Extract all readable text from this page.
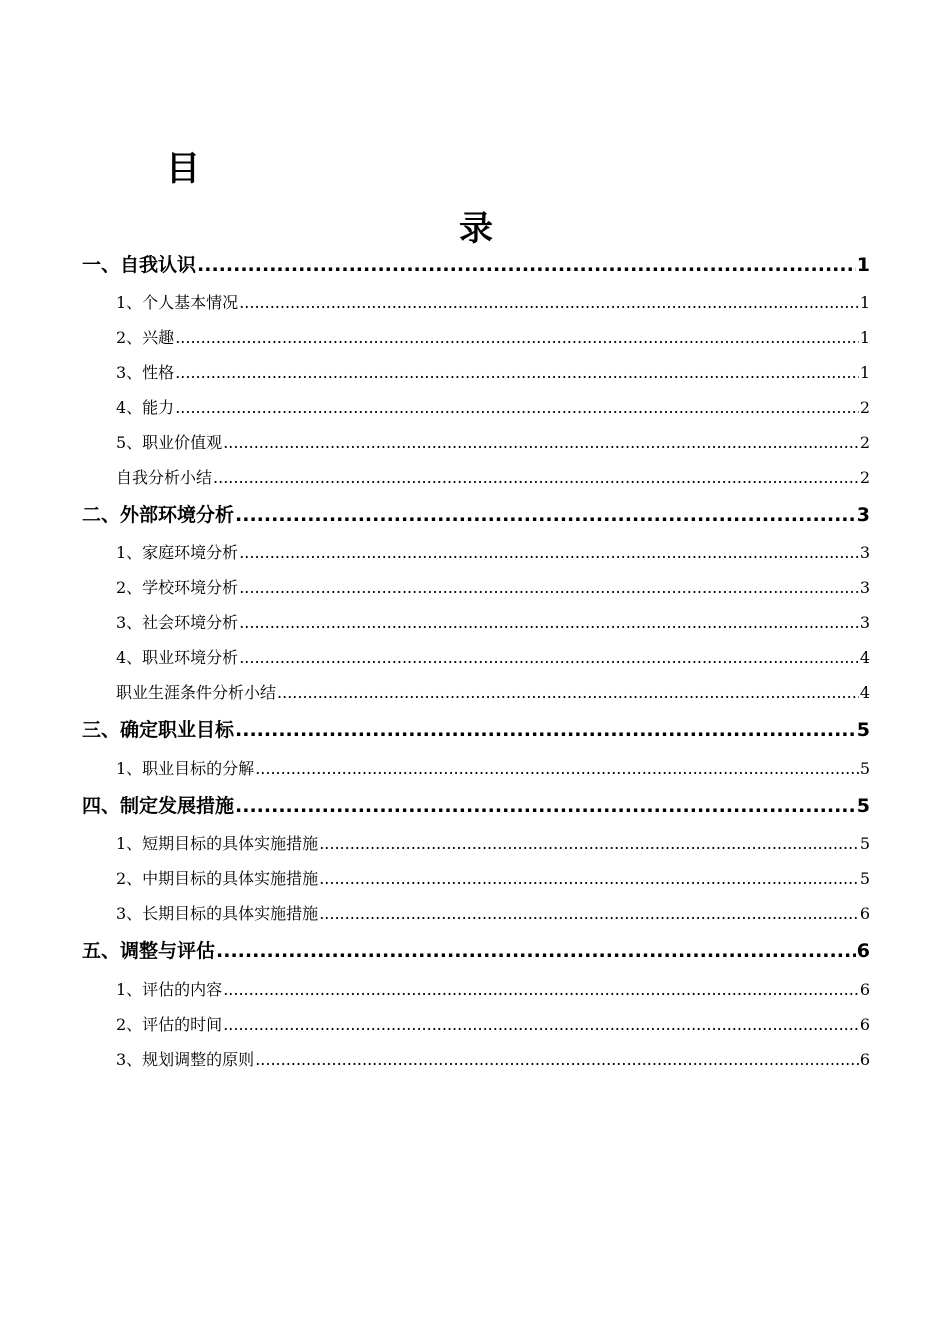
目
录
一、自我认识 .....	1
1、个人基本情况 .....	1
2、兴趣 .....	1
3、性格 .....	1
4、能力 .....	2
5、职业价值观 .....	2
自我分析小结 .....	2
二、外部环境分析 .....	3
1、家庭环境分析 .....	3
2、学校环境分析 .....	3
3、社会环境分析 .....	3
4、职业环境分析 .....	4
职业生涯条件分析小结 .....	4
三、确定职业目标 .....	5
1、职业目标的分解 .....	5
四、制定发展措施 .....	5
1、短期目标的具体实施措施 .....	5
2、中期目标的具体实施措施 .....	5
3、长期目标的具体实施措施 .....	6
五、调整与评估 .....	6
1、评估的内容 .....	6
2、评估的时间 .....	6
3、规划调整的原则 .....	6
